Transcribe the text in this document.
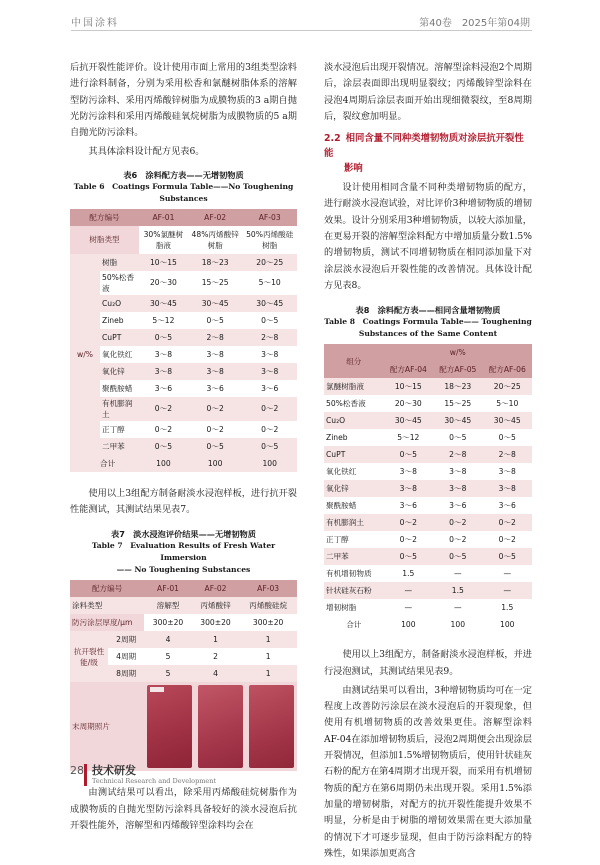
中国涂料	第40卷　2025年第04期

后抗开裂性能评价。设计使用市面上常用的3组类型涂料进行涂料制备，分别为采用松香和氯醚树脂体系的溶解型防污涂料、采用丙烯酸锌树脂为成膜物质的3 a期自抛光防污涂料和采用丙烯酸硅氧烷树脂为成膜物质的5 a期自抛光防污涂料。

其具体涂料设计配方见表6。

表6　涂料配方表——无增韧物质

Table 6　Coatings Formula Table——No Toughening

Substances

配方编号		AF-01	AF-02	AF-03
树脂类型		30%氯醚树脂液	48%丙烯酸锌树脂	50%丙烯酸硅树脂
w/%	树脂	10～15	18～23	20～25
	50%松香液	20～30	15～25	5～10
	Cu₂O	30～45	30～45	30～45
	Zineb	5～12	0～5	0～5
	CuPT	0～5	2～8	2～8
	氧化铁红	3～8	3～8	3～8
	氧化锌	3～8	3～8	3～8
	聚酰胺蜡	3～6	3～6	3～6
	有机膨润土	0～2	0～2	0～2
	正丁醇	0～2	0～2	0～2
	二甲苯	0～5	0～5	0～5
合计		100	100	100

使用以上3组配方制备耐淡水浸泡样板，进行抗开裂性能测试，其测试结果见表7。

表7　淡水浸泡评价结果——无增韧物质

Table 7　Evaluation Results of Fresh Water Immersion

—— No Toughening Substances

配方编号		AF-01	AF-02	AF-03
涂料类型		溶解型	丙烯酸锌	丙烯酸硅烷
防污涂层厚度/μm		300±20	300±20	300±20
抗开裂性能/级	2周期	4	1	1
	4周期	5	2	1
	8周期	5	4	1
末周期照片				

由测试结果可以看出，除采用丙烯酸硅烷树脂作为成膜物质的自抛光型防污涂料具备较好的淡水浸泡后抗开裂性能外，溶解型和丙烯酸锌型涂料均会在

淡水浸泡后出现开裂情况。溶解型涂料浸泡2个周期后，涂层表面即出现明显裂纹；丙烯酸锌型涂料在浸泡4周期后涂层表面开始出现细微裂纹，至8周期后，裂纹愈加明显。

2.2 相同含量不同种类增韧物质对涂层抗开裂性能
影响

设计使用相同含量不同种类增韧物质的配方，进行耐淡水浸泡试验，对比评价3种增韧物质的增韧效果。设计分别采用3种增韧物质，以较大添加量，在更易开裂的溶解型涂料配方中增加质量分数1.5%的增韧物质，测试不同增韧物质在相同添加量下对涂层淡水浸泡后开裂性能的改善情况。具体设计配方见表8。

表8　涂料配方表——相同含量增韧物质

Table 8　Coatings Formula Table—— Toughening

Substances of the Same Content

组分	w/%		
	配方AF-04	配方AF-05	配方AF-06
氯醚树脂液	10～15	18～23	20～25
50%松香液	20～30	15～25	5～10
Cu₂O	30～45	30～45	30～45
Zineb	5～12	0～5	0～5
CuPT	0～5	2～8	2～8
氧化铁红	3～8	3～8	3～8
氧化锌	3～8	3～8	3～8
聚酰胺蜡	3～6	3～6	3～6
有机膨润土	0～2	0～2	0～2
正丁醇	0～2	0～2	0～2
二甲苯	0～5	0～5	0～5
有机增韧物质	1.5	—	—
针状硅灰石粉	—	1.5	—
增韧树脂	—	—	1.5
合计	100	100	100

使用以上3组配方，制备耐淡水浸泡样板，并进行浸泡测试，其测试结果见表9。

由测试结果可以看出，3种增韧物质均可在一定程度上改善防污涂层在淡水浸泡后的开裂现象，但使用有机增韧物质的改善效果更佳。溶解型涂料AF-04在添加增韧物质后，浸泡2周期便会出现涂层开裂情况，但添加1.5%增韧物质后，使用针状硅灰石粉的配方在第4周期才出现开裂，而采用有机增韧物质的配方在第6周期仍未出现开裂。采用1.5%添加量的增韧树脂，对配方的抗开裂性能提升效果不明显，分析是由于树脂的增韧效果需在更大添加量的情况下才可逐步显现，但由于防污涂料配方的特殊性，如果添加更高含

28 技术研发
Technical Research and Development
